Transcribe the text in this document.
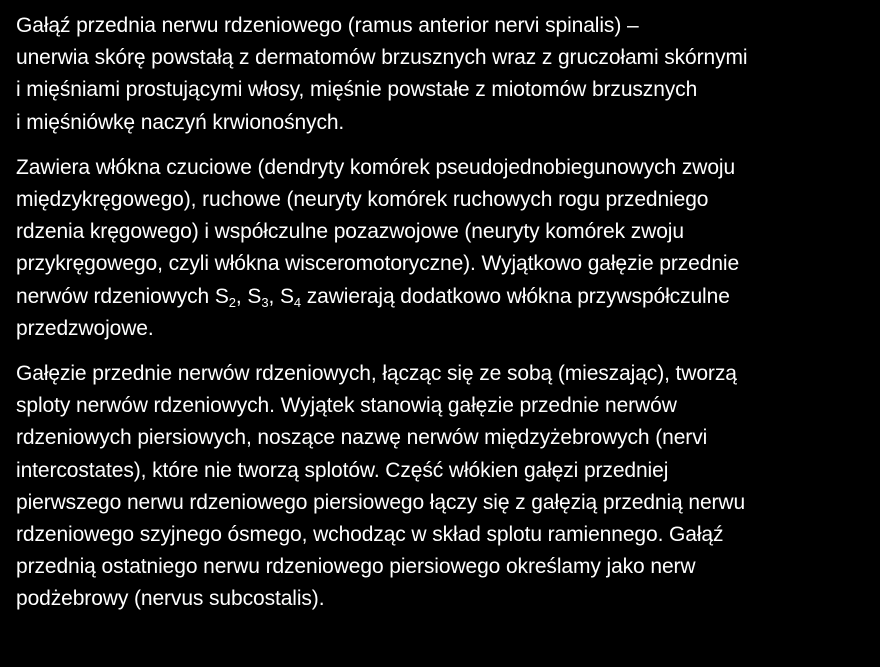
Gałąź przednia nerwu rdzeniowego (ramus anterior nervi spinalis) –
unerwia skórę powstałą z dermatomów brzusznych wraz z gruczołami skórnymi
i mięśniami prostującymi włosy, mięśnie powstałe z miotomów brzusznych
i mięśniówkę naczyń krwionośnych.

Zawiera włókna czuciowe (dendryty komórek pseudojednobiegunowych zwoju
międzykręgowego), ruchowe (neuryty komórek ruchowych rogu przedniego
rdzenia kręgowego) i współczulne pozazwojowe (neuryty komórek zwoju
przykręgowego, czyli włókna wisceromotoryczne). Wyjątkowo gałęzie przednie
nerwów rdzeniowych $S_2$, $S_3$, $S_4$ zawierają dodatkowo włókna przywspółczulne
przedzwojowe.

Gałęzie przednie nerwów rdzeniowych, łącząc się ze sobą (mieszając), tworzą
sploty nerwów rdzeniowych. Wyjątek stanowią gałęzie przednie nerwów
rdzeniowych piersiowych, noszące nazwę nerwów międzyżebrowych (nervi
intercostates), które nie tworzą splotów. Część włókien gałęzi przedniej
pierwszego nerwu rdzeniowego piersiowego łączy się z gałęzią przednią nerwu
rdzeniowego szyjnego ósmego, wchodząc w skład splotu ramiennego. Gałąź
przednią ostatniego nerwu rdzeniowego piersiowego określamy jako nerw
podżebrowy (nervus subcostalis).
